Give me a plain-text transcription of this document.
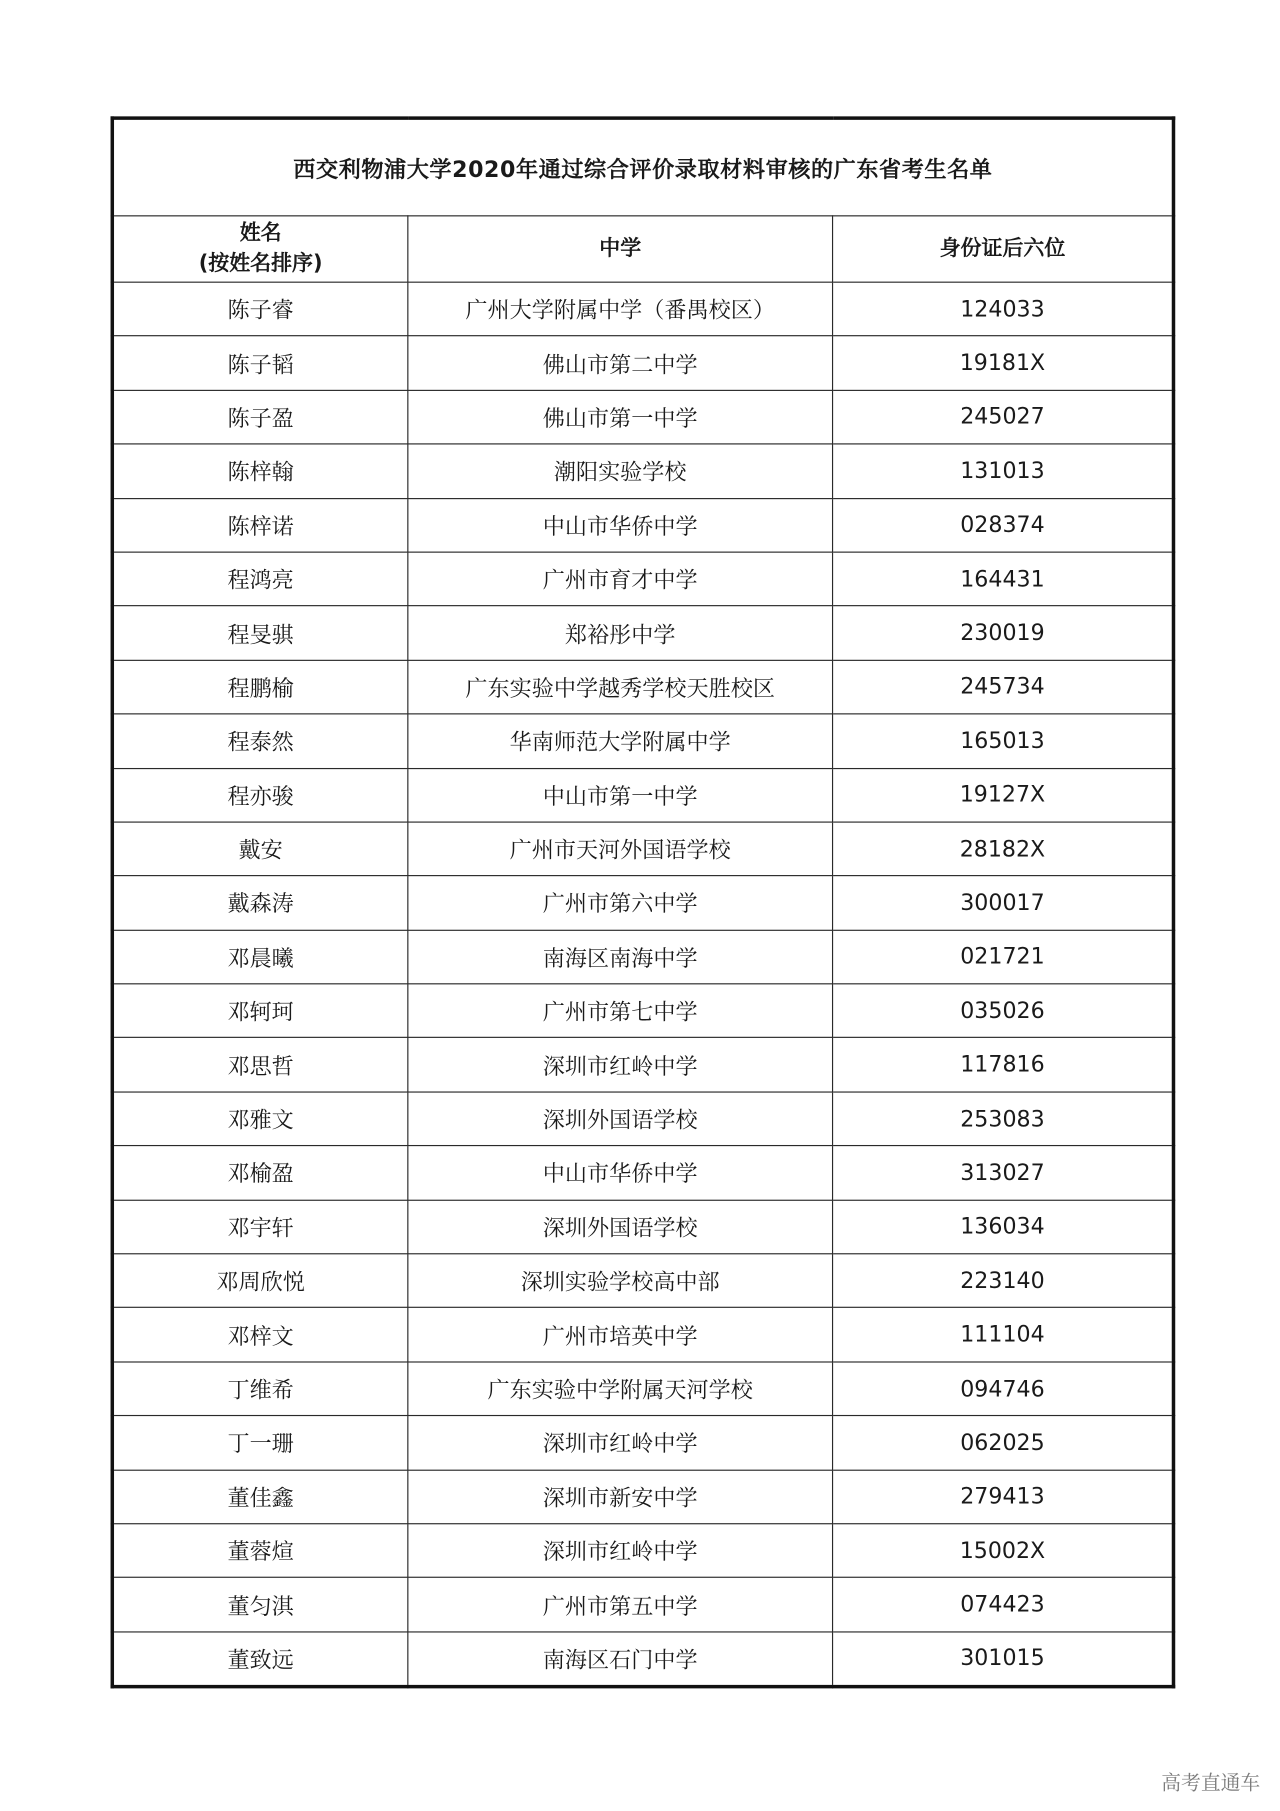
西交利物浦大学2020年通过综合评价录取材料审核的广东省考生名单		

姓名
(按姓名排序)	中学	身份证后六位
陈子睿	广州大学附属中学（番禺校区）	124033
陈子韬	佛山市第二中学	19181X
陈子盈	佛山市第一中学	245027
陈梓翰	潮阳实验学校	131013
陈梓诺	中山市华侨中学	028374
程鸿亮	广州市育才中学	164431
程旻骐	郑裕彤中学	230019
程鹏榆	广东实验中学越秀学校天胜校区	245734
程泰然	华南师范大学附属中学	165013
程亦骏	中山市第一中学	19127X
戴安	广州市天河外国语学校	28182X
戴森涛	广州市第六中学	300017
邓晨曦	南海区南海中学	021721
邓轲珂	广州市第七中学	035026
邓思哲	深圳市红岭中学	117816
邓雅文	深圳外国语学校	253083
邓榆盈	中山市华侨中学	313027
邓宇轩	深圳外国语学校	136034
邓周欣悦	深圳实验学校高中部	223140
邓梓文	广州市培英中学	111104
丁维希	广东实验中学附属天河学校	094746
丁一珊	深圳市红岭中学	062025
董佳鑫	深圳市新安中学	279413
董蓉煊	深圳市红岭中学	15002X
董匀淇	广州市第五中学	074423
董致远	南海区石门中学	301015
高考直通车
